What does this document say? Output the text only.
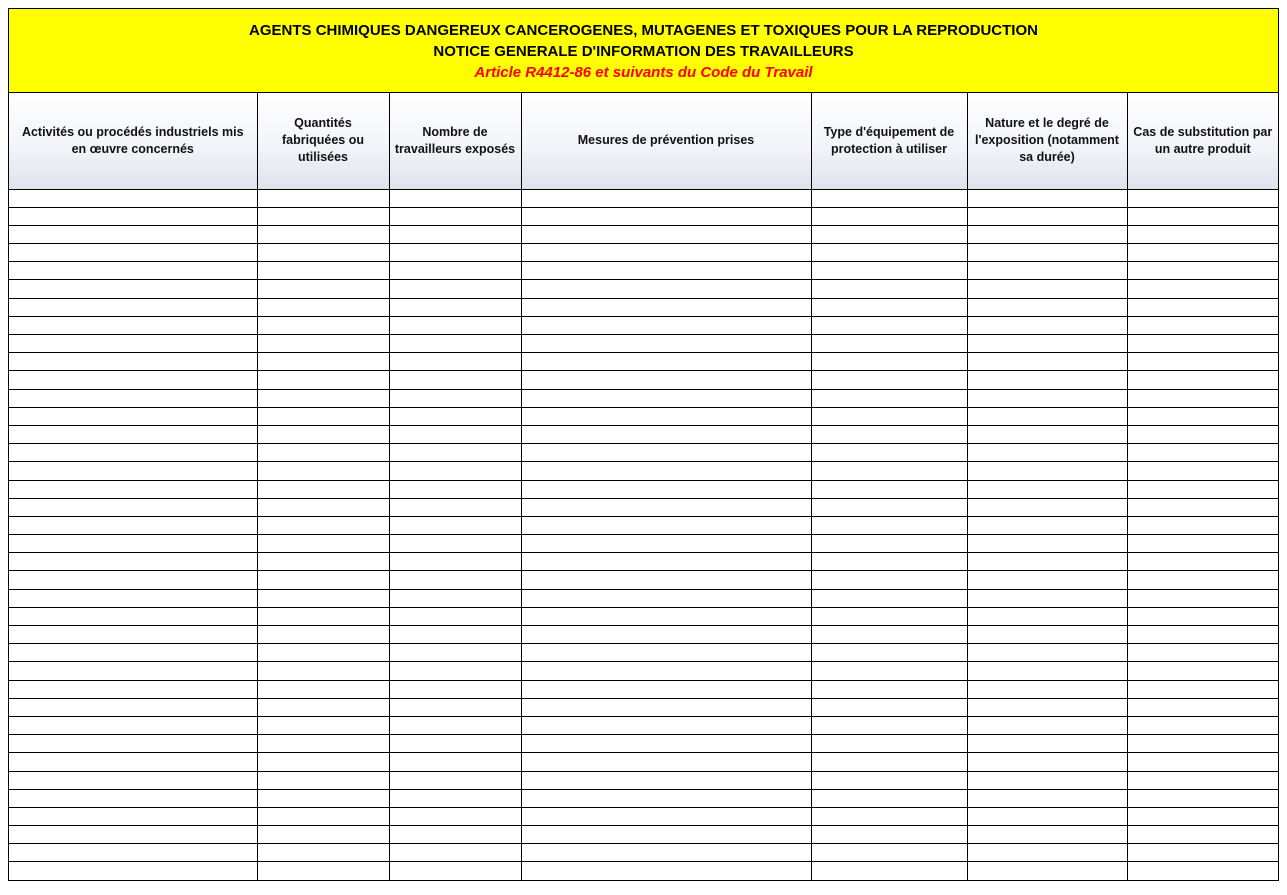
AGENTS CHIMIQUES DANGEREUX CANCEROGENES, MUTAGENES ET TOXIQUES POUR LA REPRODUCTION
NOTICE GENERALE D'INFORMATION DES TRAVAILLEURS
Article R4412-86 et suivants du Code du Travail
Activités ou procédés industriels mis en œuvre concernés	Quantités fabriquées ou utilisées	Nombre de travailleurs exposés	Mesures de prévention prises	Type d'équipement de protection à utiliser	Nature et le degré de l'exposition (notamment sa durée)	Cas de substitution par un autre produit
